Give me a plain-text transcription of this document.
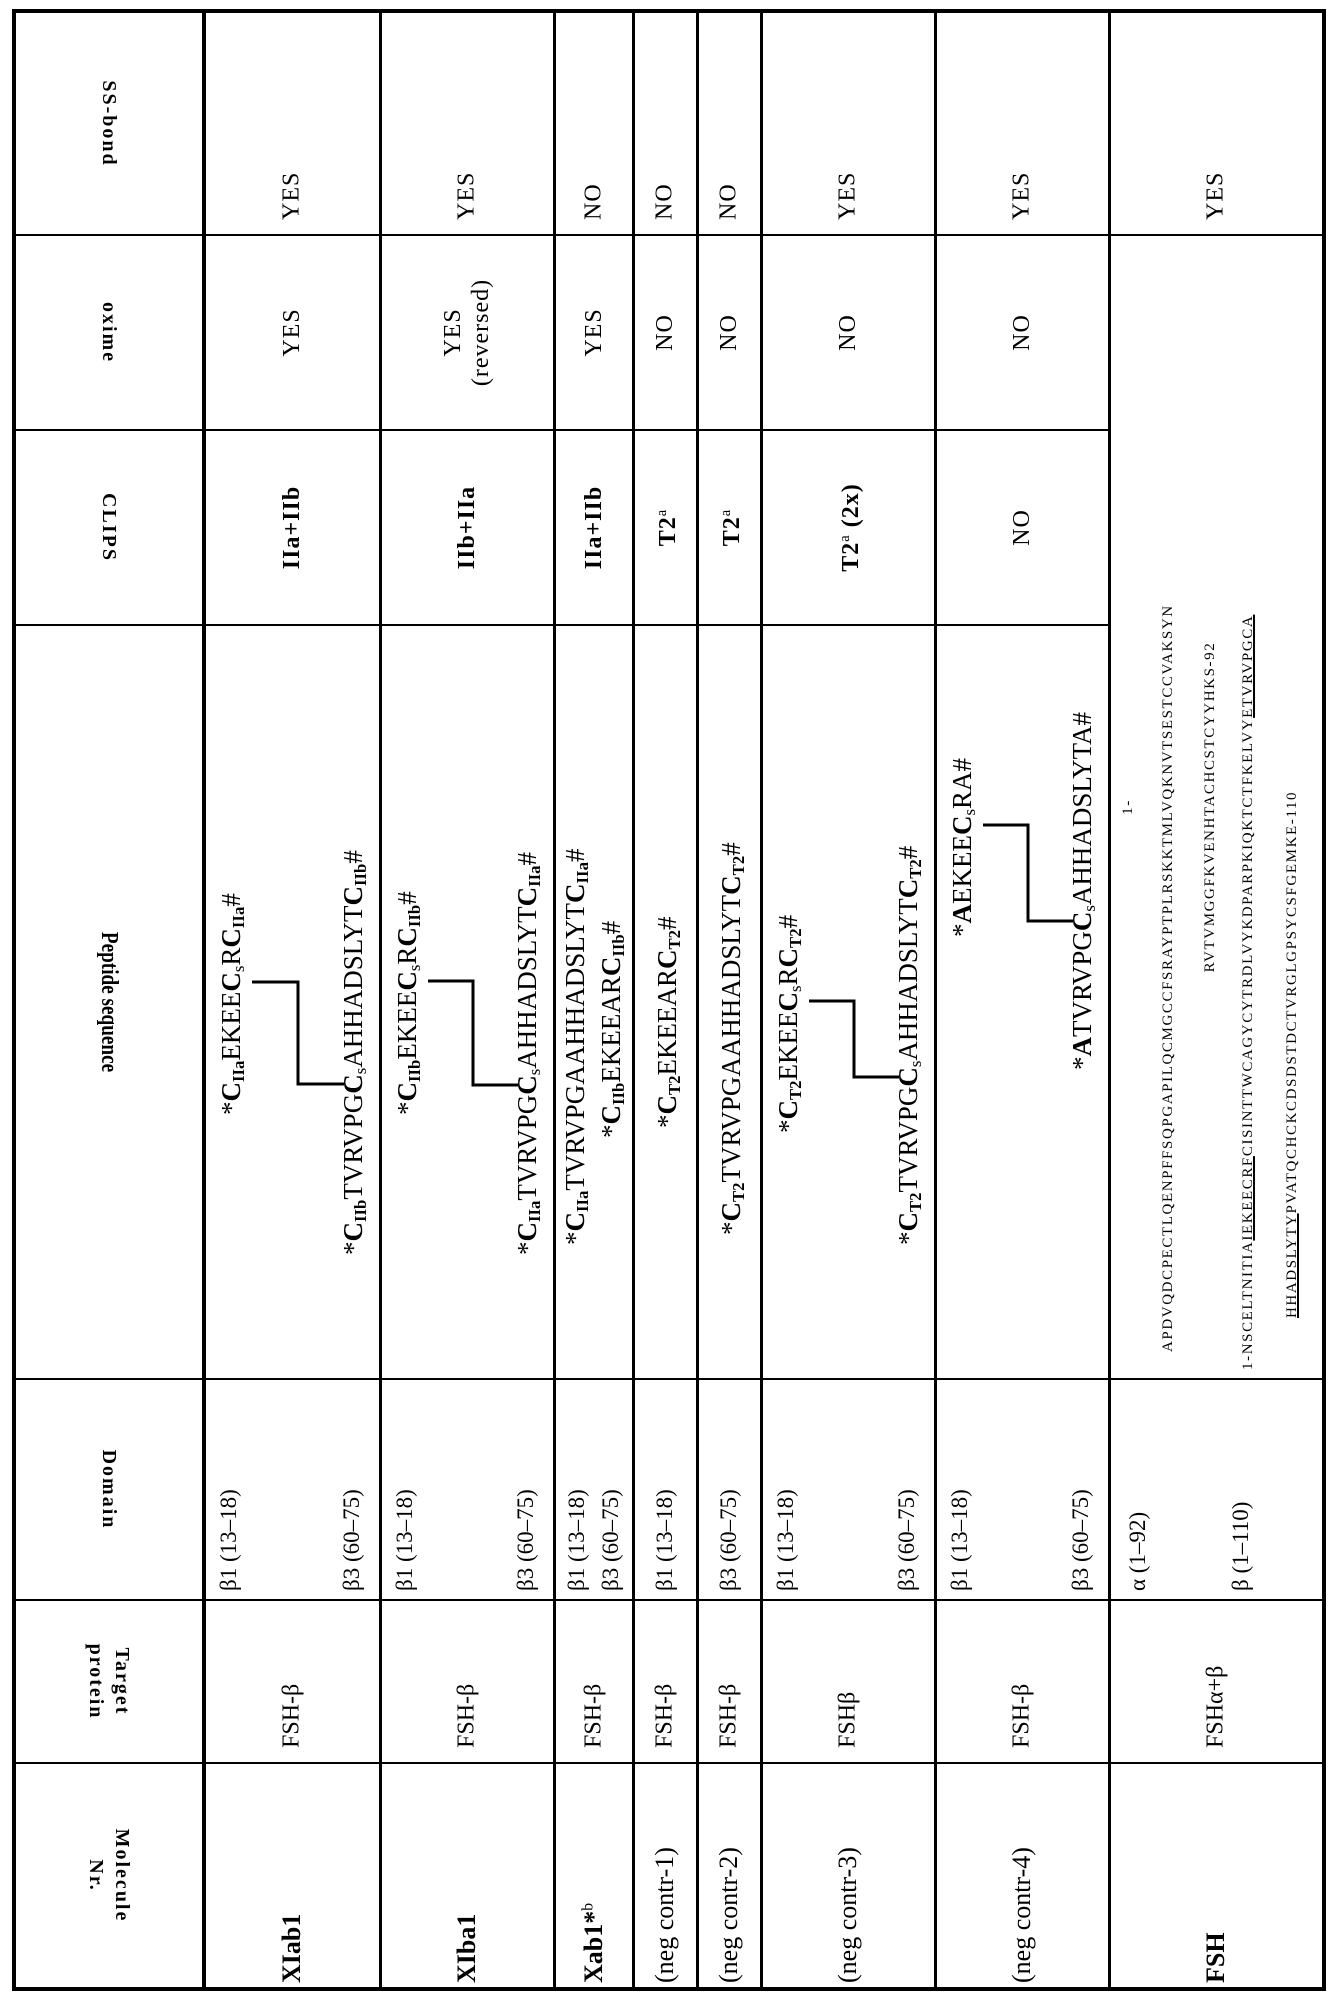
Molecule
Nr.

Target
protein

Domain

Peptide sequence

CLIPS

oxime

SS-bond

XIab1

FSH-β

β1 (13–18)	β3 (60–75)

*CIIaEKEECsRCIIa#
*CIIbTVRVPGCsAHHADSLYTCIIb#

IIa+IIb

YES

YES

XIba1

FSH-β

β1 (13–18)	β3 (60–75)

*CIIbEKEECsRCIIb#
*CIIaTVRVPGCsAHHADSLYTCIIa#

IIb+IIa

YES (reversed)

YES

Xab1*b

FSH-β

β1 (13–18) β3 (60–75)

*CIIaTVRVPGAAHHADSLYTCIIa#
*CIIbEKEEARCIIb#

IIa+IIb

YES

NO

(neg contr-1)

FSH-β

β1 (13–18)

*CT2EKEEARCT2#

T2a

NO

NO

(neg contr-2)

FSH-β

β3 (60–75)

*CT2TVRVPGAAHHADSLYTCT2#

T2a

NO

NO

(neg contr-3)

FSHβ

β1 (13–18)	β3 (60–75)

*CT2EKEECsRCT2#
*CT2TVRVPGCsAHHADSLYTCT2#

T2a (2x)

NO

YES

(neg contr-4)

FSH-β

β1 (13–18)	β3 (60–75)

*AEKEECsRA#
*ATVRVPGCsAHHADSLYTA#

NO

NO

YES

FSH

FSHα+β

α (1–92)	β (1–110)

1- APDVQDCPECTLQENPFFSQPGAPILQCMGCCFSRAYPTPLRSKKTMLVQKNVTSESTCCVAKSYN RVTVMGGFKVENHTACHCSTCYYHKS-92
1-NSCELTNITIAIEKEECRFCISINTTWCAGYCYTRDLVYKDPARPKIQKTCTFKELVYETVRVPGCA
HHADSLYTYPVATQCHCKCDSDSTDCTVRGLGPSYCSFGEMKE-110

YES
